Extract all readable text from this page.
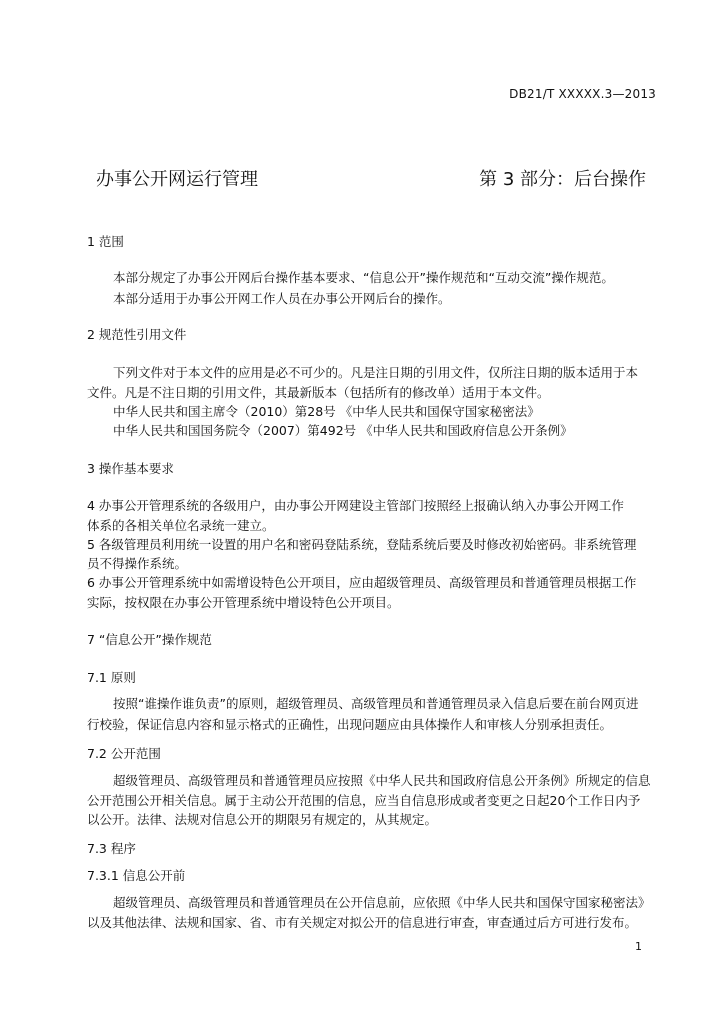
DB21/T XXXXX.3—2013
办事公开网运行管理	第 3 部分：后台操作
1 范围
本部分规定了办事公开网后台操作基本要求、“信息公开”操作规范和“互动交流”操作规范。
本部分适用于办事公开网工作人员在办事公开网后台的操作。
2 规范性引用文件
下列文件对于本文件的应用是必不可少的。凡是注日期的引用文件，仅所注日期的版本适用于本
文件。凡是不注日期的引用文件，其最新版本（包括所有的修改单）适用于本文件。
中华人民共和国主席令（2010）第28号 《中华人民共和国保守国家秘密法》
中华人民共和国国务院令（2007）第492号 《中华人民共和国政府信息公开条例》
3 操作基本要求
4 办事公开管理系统的各级用户，由办事公开网建设主管部门按照经上报确认纳入办事公开网工作
体系的各相关单位名录统一建立。
5 各级管理员利用统一设置的用户名和密码登陆系统，登陆系统后要及时修改初始密码。非系统管理
员不得操作系统。
6 办事公开管理系统中如需增设特色公开项目，应由超级管理员、高级管理员和普通管理员根据工作
实际，按权限在办事公开管理系统中增设特色公开项目。
7 “信息公开”操作规范
7.1 原则
按照“谁操作谁负责”的原则，超级管理员、高级管理员和普通管理员录入信息后要在前台网页进
行校验，保证信息内容和显示格式的正确性，出现问题应由具体操作人和审核人分别承担责任。
7.2 公开范围
超级管理员、高级管理员和普通管理员应按照《中华人民共和国政府信息公开条例》所规定的信息
公开范围公开相关信息。属于主动公开范围的信息，应当自信息形成或者变更之日起20个工作日内予
以公开。法律、法规对信息公开的期限另有规定的，从其规定。
7.3 程序
7.3.1 信息公开前
超级管理员、高级管理员和普通管理员在公开信息前，应依照《中华人民共和国保守国家秘密法》
以及其他法律、法规和国家、省、市有关规定对拟公开的信息进行审查，审查通过后方可进行发布。
1
